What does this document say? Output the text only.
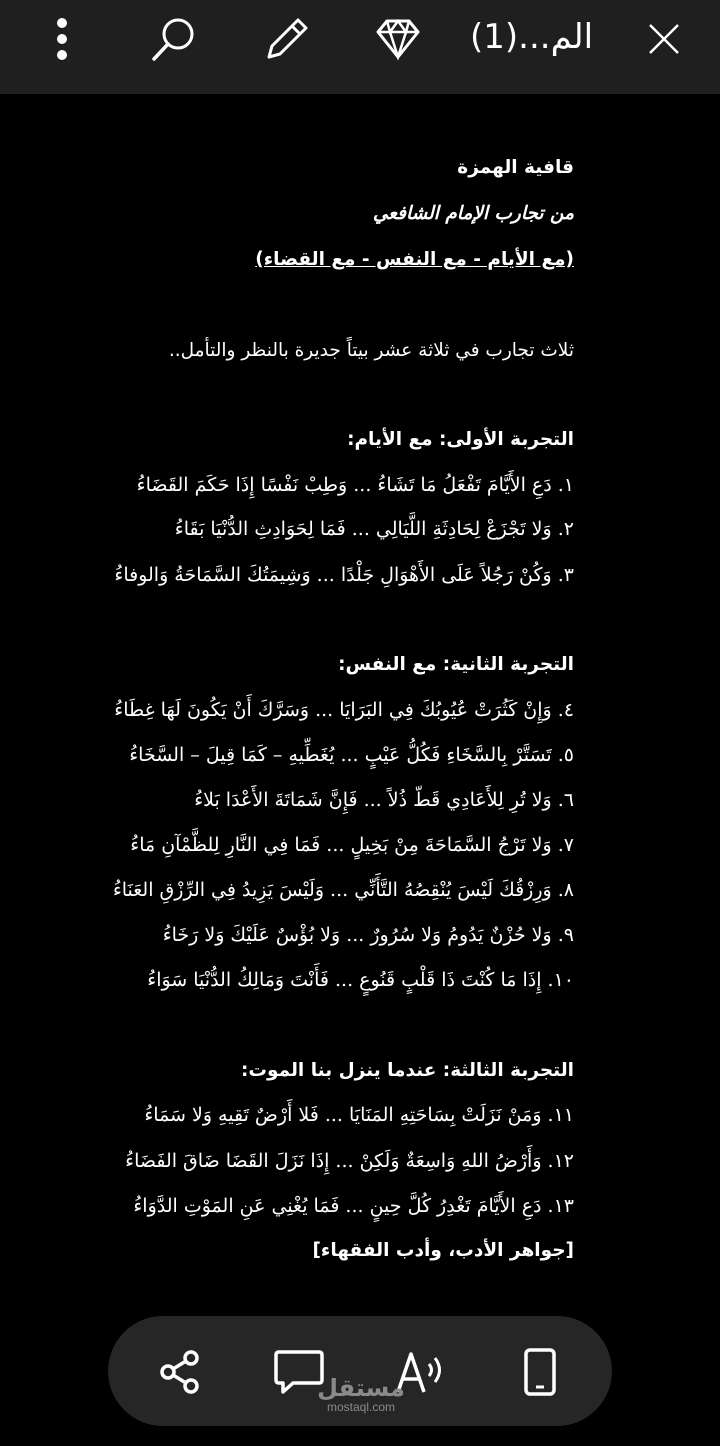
الم...(1)
قافية الهمزة
من تجارب الإمام الشافعي
(مع الأيام - مع النفس - مع القضاء)
ثلاث تجارب في ثلاثة عشر بيتاً جديرة بالنظر والتأمل..
التجربة الأولى: مع الأيام:
١. دَعِ الأَيَّامَ تَفْعَلُ مَا تَشَاءُ ... وَطِبْ نَفْسًا إِذَا حَكَمَ القَضَاءُ
٢. وَلا تَجْزَعْ لِحَادِثَةِ اللَّيَالِي ... فَمَا لِحَوَادِثِ الدُّنْيَا بَقَاءُ
٣. وَكُنْ رَجُلاً عَلَى الأَهْوَالِ جَلْدًا ... وَشِيمَتُكَ السَّمَاحَةُ وَالوفاءُ
التجربة الثانية: مع النفس:
٤. وَإِنْ كَثُرَتْ عُيُوبُكَ فِي البَرَايَا ... وَسَرَّكَ أَنْ يَكُونَ لَهَا غِطَاءُ
٥. تَسَتَّرْ بِالسَّخَاءِ فَكُلُّ عَيْبٍ ... يُغَطِّيهِ – كَمَا قِيلَ – السَّخَاءُ
٦. وَلا تُرِ لِلأَعَادِي قَطّ ذُلاً ... فَإِنَّ شَمَاتَةَ الأَعْدَا بَلاءُ
٧. وَلا تَرْجُ السَّمَاحَةَ مِنْ بَخِيلٍ ... فَمَا فِي النَّارِ لِلظَّمْآنِ مَاءُ
٨. وَرِزْقُكَ لَيْسَ يُنْقِصُهُ التَّأَنِّي ... وَلَيْسَ يَزِيدُ فِي الرِّزْقِ العَنَاءُ
٩. وَلا حُزْنٌ يَدُومُ وَلا سُرُورٌ ... وَلا بُؤْسٌ عَلَيْكَ وَلا رَخَاءُ
١٠. إِذَا مَا كُنْتَ ذَا قَلْبٍ قَنُوعٍ ... فَأَنْتَ وَمَالِكُ الدُّنْيَا سَوَاءُ
التجربة الثالثة: عندما ينزل بنا الموت:
١١. وَمَنْ نَزَلَتْ بِسَاحَتِهِ المَنَايَا ... فَلا أَرْضٌ تَقِيهِ وَلا سَمَاءُ
١٢. وَأَرْضُ اللهِ وَاسِعَةٌ وَلَكِنْ ... إِذَا نَزَلَ القَضَا ضَاقَ الفَضَاءُ
١٣. دَعِ الأَيَّامَ تَغْدِرُ كُلَّ حِينٍ ... فَمَا يُغْنِي عَنِ المَوْتِ الدَّوَاءُ
[جواهر الأدب، وأدب الفقهاء]
مستقل
mostaql.com
